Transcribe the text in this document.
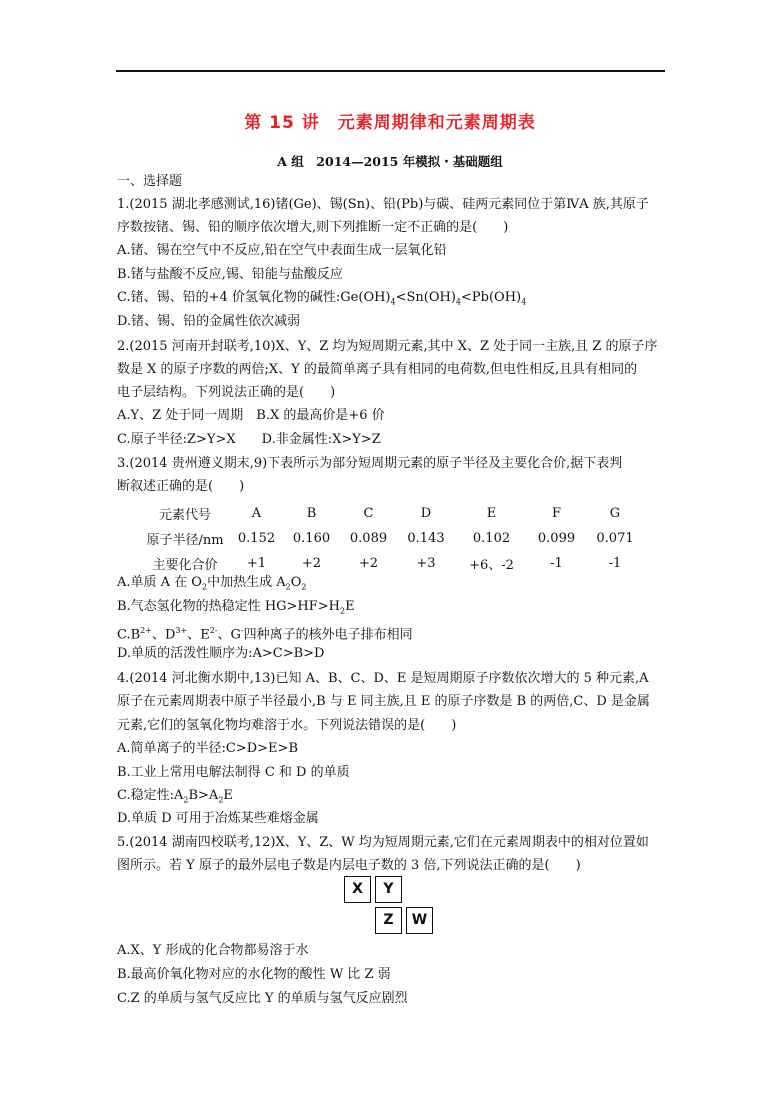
第 15 讲　元素周期律和元素周期表
A 组　2014—2015 年模拟・基础题组
一、选择题
1.(2015 湖北孝感测试,16)锗(Ge)、锡(Sn)、铅(Pb)与碳、硅两元素同位于第ⅣA 族,其原子
序数按锗、锡、铅的顺序依次增大,则下列推断一定不正确的是(　　)
A.锗、锡在空气中不反应,铅在空气中表面生成一层氧化铅
B.锗与盐酸不反应,锡、铅能与盐酸反应
C.锗、锡、铅的+4 价氢氧化物的碱性$:Ge(OH)_4<Sn(OH)_4<Pb(OH)_4$
D.锗、锡、铅的金属性依次减弱
2.(2015 河南开封联考,10)X、Y、Z 均为短周期元素,其中 X、Z 处于同一主族,且 Z 的原子序
数是 X 的原子序数的两倍;X、Y 的最简单离子具有相同的电荷数,但电性相反,且具有相同的
电子层结构。下列说法正确的是(　　)
A.Y、Z 处于同一周期　B.X 的最高价是+6 价
C.原子半径:Z>Y>X　　D.非金属性:X>Y>Z
3.(2014 贵州遵义期末,9)下表所示为部分短周期元素的原子半径及主要化合价,据下表判
断叙述正确的是(　　)
元素代号	A	B	C	D	E	F	G
原子半径/nm	0.152	0.160	0.089	0.143	0.102	0.099	0.071
主要化合价	+1	+2	+2	+3	+6、-2	-1	-1
A.单质 A 在 $O_2$中加热生成 $A_2O_2$
B.气态氢化物的热稳定性 $HG>HF>H_2E$
$C.B^{2+}$、$D^{3+}$、$E^{2-}$、G-四种离子的核外电子排布相同
D.单质的活泼性顺序为:A>C>B>D
4.(2014 河北衡水期中,13)已知 A、B、C、D、E 是短周期原子序数依次增大的 5 种元素,A
原子在元素周期表中原子半径最小,B 与 E 同主族,且 E 的原子序数是 B 的两倍,C、D 是金属
元素,它们的氢氧化物均难溶于水。下列说法错误的是(　　)
A.简单离子的半径:C>D>E>B
B.工业上常用电解法制得 C 和 D 的单质
C.稳定性$:A_2B>A_2E$
D.单质 D 可用于冶炼某些难熔金属
5.(2014 湖南四校联考,12)X、Y、Z、W 均为短周期元素,它们在元素周期表中的相对位置如
图所示。若 Y 原子的最外层电子数是内层电子数的 3 倍,下列说法正确的是(　　)
X	Y
Z	W
A.X、Y 形成的化合物都易溶于水
B.最高价氧化物对应的水化物的酸性 W 比 Z 弱
C.Z 的单质与氢气反应比 Y 的单质与氢气反应剧烈
